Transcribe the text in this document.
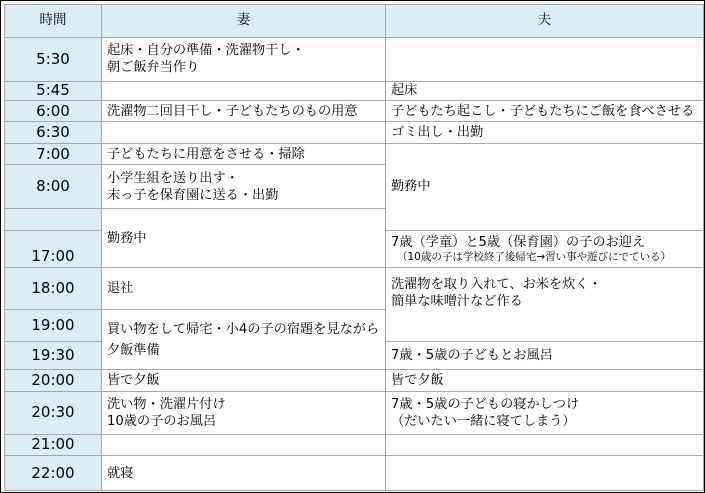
時間	妻	夫
5:30	起床・自分の準備・洗濯物干し・
朝ご飯弁当作り	

5:45		起床
6:00	洗濯物二回目干し・子どもたちのもの用意	子どもたち起こし・子どもたちにご飯を食べさせる
6:30		ゴミ出し・出勤
7:00	子どもたちに用意をさせる・掃除	勤務中
8:00	小学生組を送り出す・
末っ子を保育園に送る・出勤	

	勤務中	
17:00		7歳（学童）と5歳（保育園）の子のお迎え
（10歳の子は学校終了後帰宅→習い事や遊びにでている）

18:00	退社	洗濯物を取り入れて、お米を炊く・
簡単な味噌汁など作る

19:00	買い物をして帰宅・小4の子の宿題を見ながら
夕飯準備	

19:30		7歳・5歳の子どもとお風呂
20:00	皆で夕飯	皆で夕飯
20:30	洗い物・洗濯片付け
10歳の子のお風呂	7歳・5歳の子どもの寝かしつけ
（だいたい一緒に寝てしまう）

21:00		
22:00	就寝	
